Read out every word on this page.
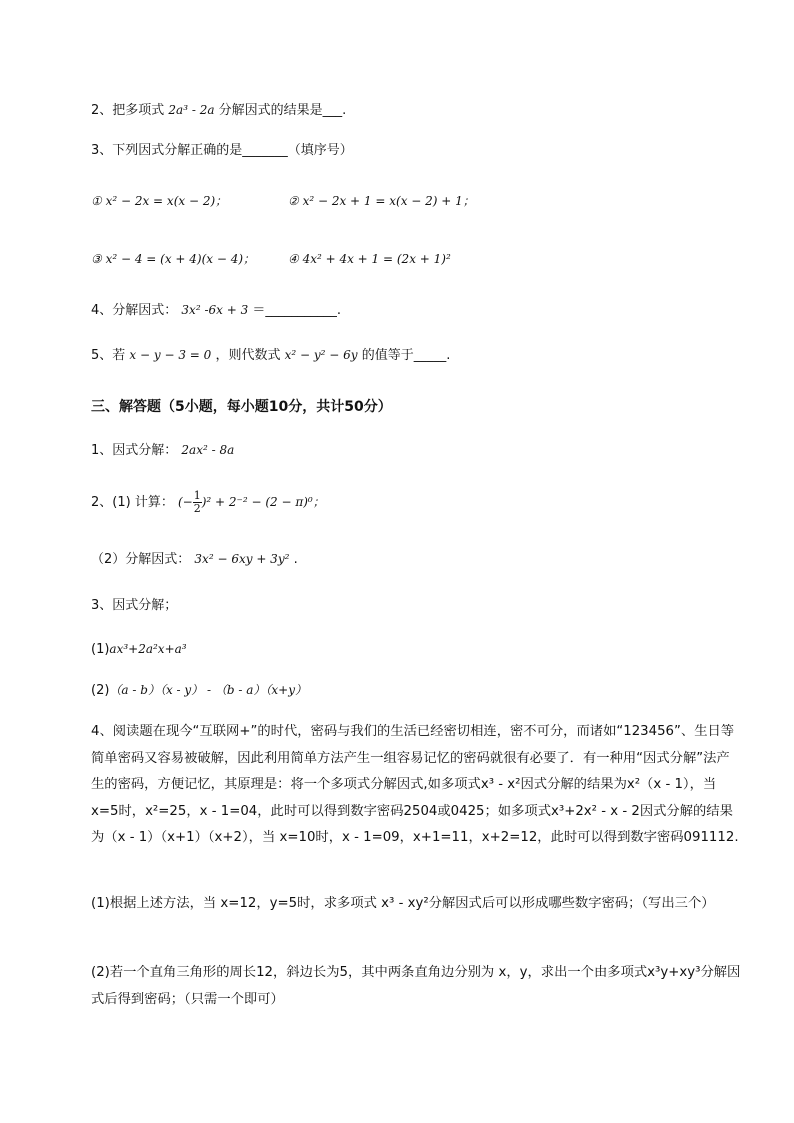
2、把多项式 2a³ - 2a 分解因式的结果是___.
3、下列因式分解正确的是_______（填序号）
① x² − 2x = x(x − 2)；	② x² − 2x + 1 = x(x − 2) + 1；
③ x² − 4 = (x + 4)(x − 4)；	④ 4x² + 4x + 1 = (2x + 1)²
4、分解因式： 3x² -6x + 3 ＝___________.
5、若 x − y − 3 = 0 ，则代数式 x² − y² − 6y 的值等于_____.
三、解答题（5小题，每小题10分，共计50分）
1、因式分解： 2ax² - 8a
2、(1) 计算： (− $\frac{1}{2} )^2 + 2^{-2} - (2 - \pi)^0$；
（2）分解因式： 3x² − 6xy + 3y² .
3、因式分解；
(1)ax³+2a²x+a³
(2)（a - b）（x - y） - （b - a）（x+y）
4、阅读题在现今“互联网+”的时代，密码与我们的生活已经密切相连，密不可分，而诸如“123456”、生日等简单密码又容易被破解，因此利用简单方法产生一组容易记忆的密码就很有必要了．有一种用“因式分解”法产生的密码，方便记忆，其原理是：将一个多项式分解因式,如多项式x³ - x²因式分解的结果为x²（x - 1），当 x=5时，x²=25，x - 1=04，此时可以得到数字密码2504或0425；如多项式x³+2x² - x - 2因式分解的结果为（x - 1）（x+1）（x+2），当 x=10时，x - 1=09，x+1=11，x+2=12，此时可以得到数字密码091112.
(1)根据上述方法，当 x=12，y=5时，求多项式 x³ - xy²分解因式后可以形成哪些数字密码；（写出三个）
(2)若一个直角三角形的周长12，斜边长为5，其中两条直角边分别为 x，y，求出一个由多项式x³y+xy³分解因式后得到密码；（只需一个即可）
